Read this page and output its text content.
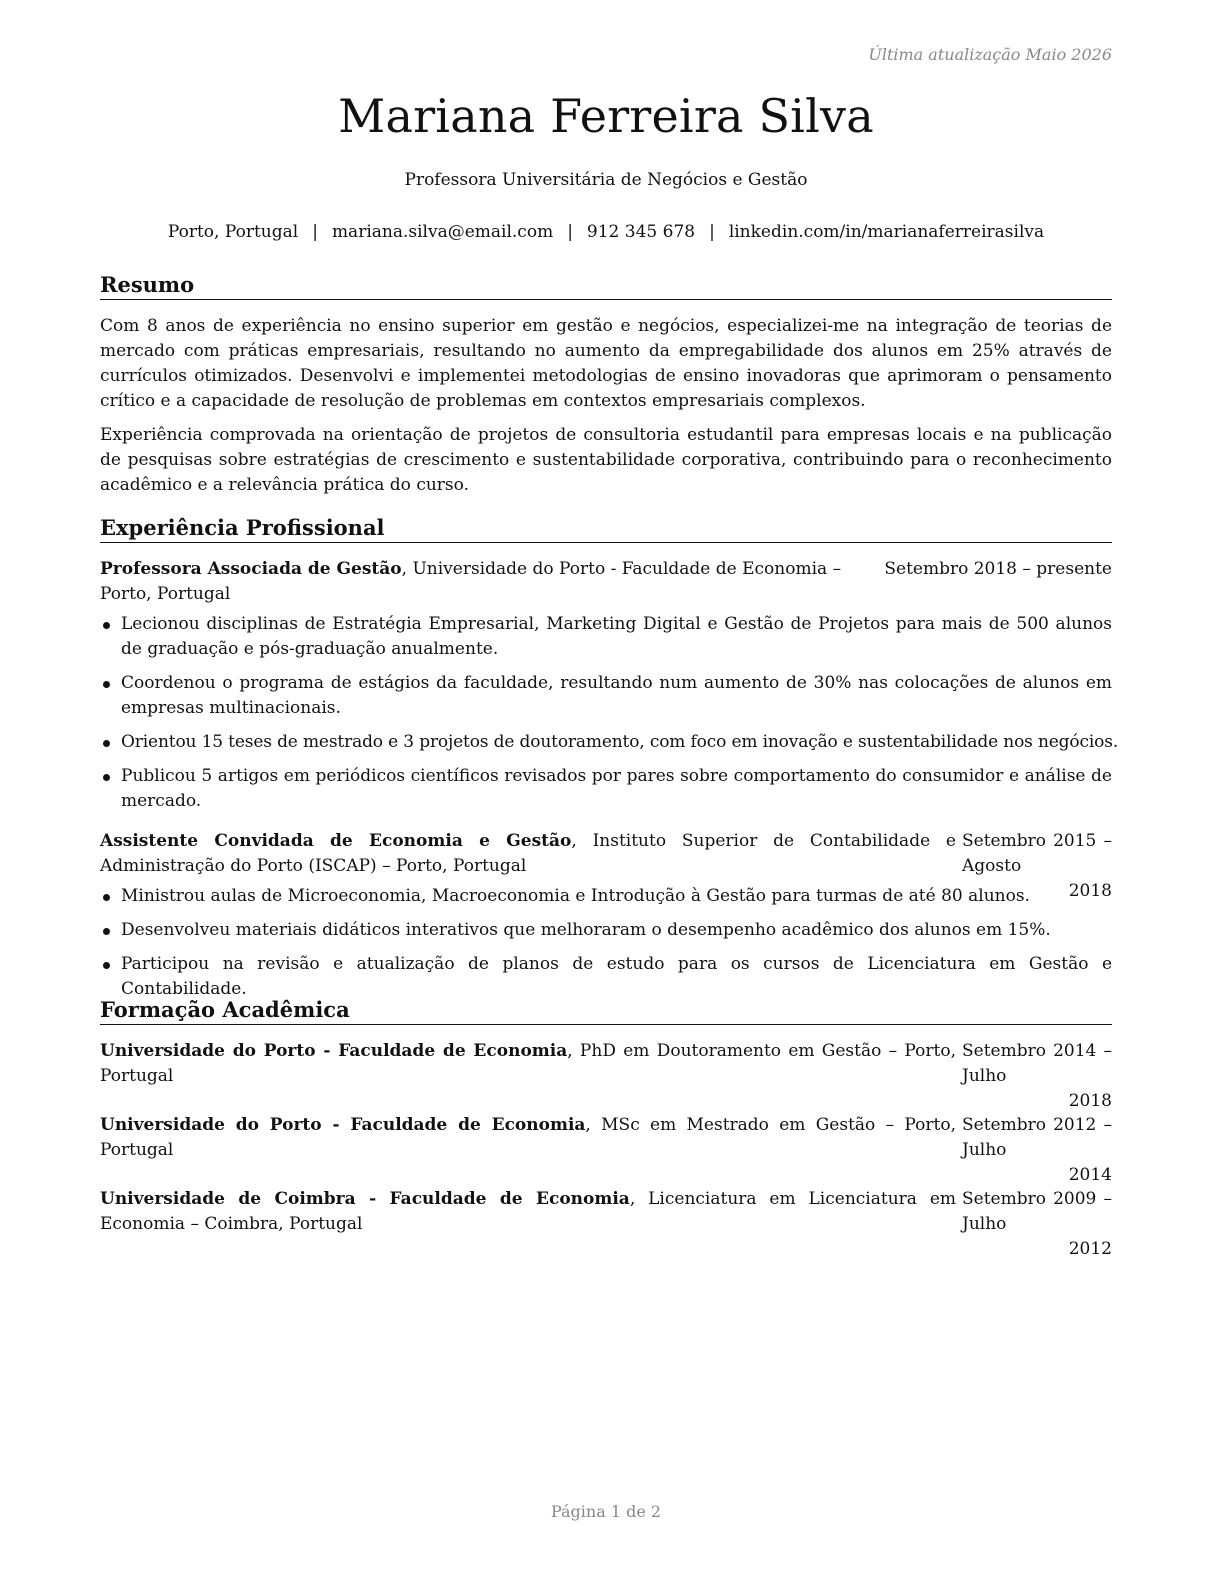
Última atualização Maio 2026
Mariana Ferreira Silva
Professora Universitária de Negócios e Gestão
Porto, Portugal | mariana.silva@email.com | 912 345 678 | linkedin.com/in/marianaferreirasilva
Resumo

Com 8 anos de experiência no ensino superior em gestão e negócios, especializei-me na integração de teorias de mercado com práticas empresariais, resultando no aumento da empregabilidade dos alunos em 25% através de currículos otimizados. Desenvolvi e implementei metodologias de ensino inovadoras que aprimoram o pensamento crítico e a capacidade de resolução de problemas em contextos empresariais complexos.

Experiência comprovada na orientação de projetos de consultoria estudantil para empresas locais e na publicação de pesquisas sobre estratégias de crescimento e sustentabilidade corporativa, contribuindo para o reconhecimento acadêmico e a relevância prática do curso.

Experiência Profissional
Professora Associada de Gestão, Universidade do Porto - Faculdade de Economia – Porto, Portugal
Setembro 2018 – presente
Lecionou disciplinas de Estratégia Empresarial, Marketing Digital e Gestão de Projetos para mais de 500 alunos de graduação e pós-graduação anualmente.
Coordenou o programa de estágios da faculdade, resultando num aumento de 30% nas colocações de alunos em empresas multinacionais.
Orientou 15 teses de mestrado e 3 projetos de doutoramento, com foco em inovação e sustentabilidade nos negócios.
Publicou 5 artigos em periódicos científicos revisados por pares sobre comportamento do consumidor e análise de mercado.
Assistente Convidada de Economia e Gestão, Instituto Superior de Contabilidade e Administração do Porto (ISCAP) – Porto, Portugal
Setembro 2015 – Agosto
2018
Ministrou aulas de Microeconomia, Macroeconomia e Introdução à Gestão para turmas de até 80 alunos.
Desenvolveu materiais didáticos interativos que melhoraram o desempenho acadêmico dos alunos em 15%.
Participou na revisão e atualização de planos de estudo para os cursos de Licenciatura em Gestão e Contabilidade.
Formação Acadêmica
Universidade do Porto - Faculdade de Economia, PhD em Doutoramento em Gestão – Porto, Portugal
Setembro 2014 – Julho
2018
Universidade do Porto - Faculdade de Economia, MSc em Mestrado em Gestão – Porto, Portugal
Setembro 2012 – Julho
2014
Universidade de Coimbra - Faculdade de Economia, Licenciatura em Licenciatura em Economia – Coimbra, Portugal
Setembro 2009 – Julho
2012
Página 1 de 2
